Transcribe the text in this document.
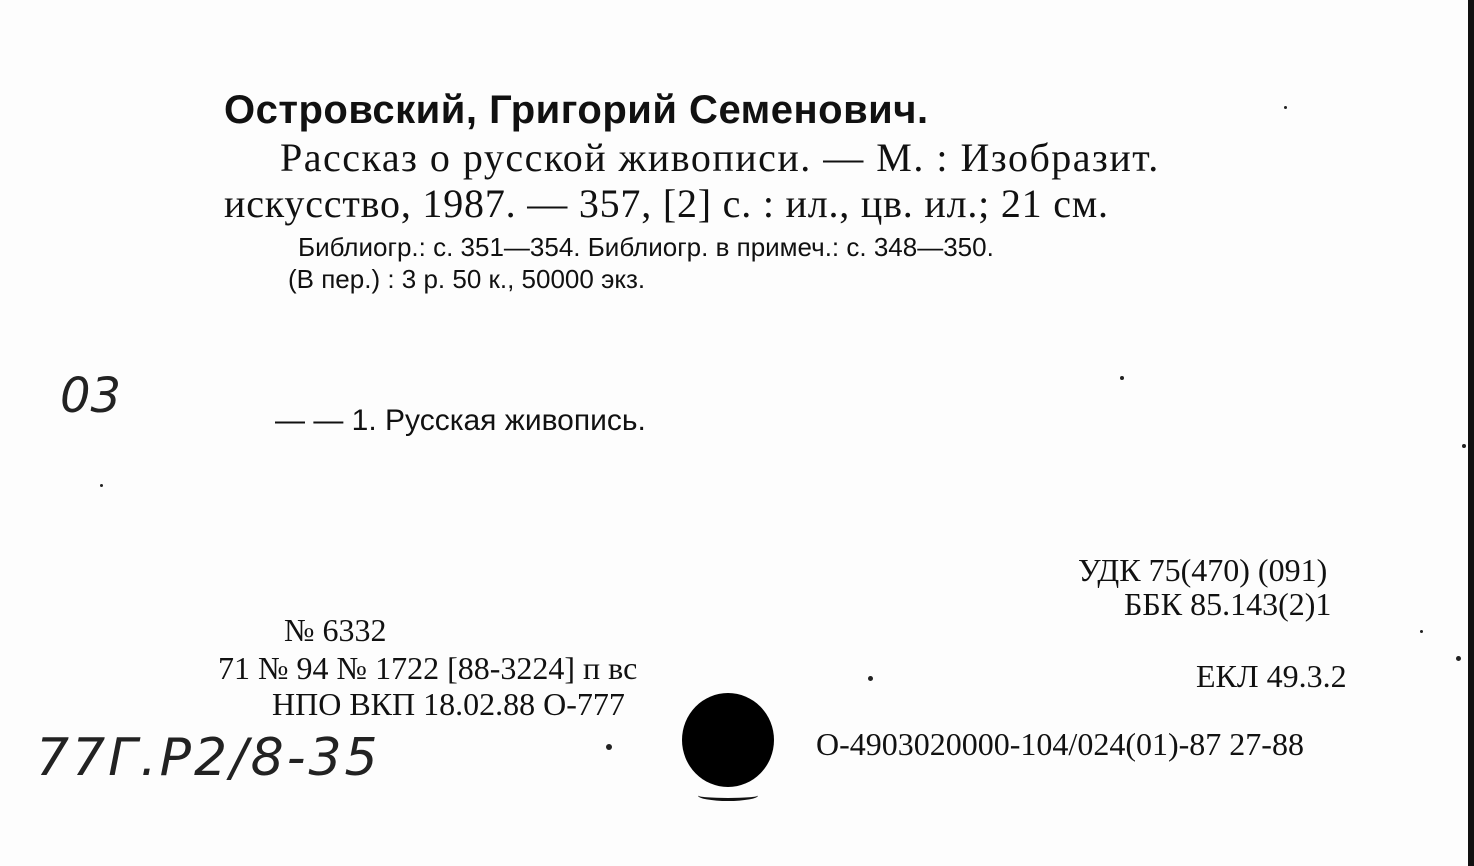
Островский, Григорий Семенович.
Рассказ о русской живописи. — М. : Изобразит.
искусство, 1987. — 357, [2] с. : ил., цв. ил.; 21 см.
Библиогр.: с. 351—354. Библиогр. в примеч.: с. 348—350.
(В пер.) : 3 р. 50 к., 50000 экз.
03	— — 1. Русская живопись.
УДК 75(470) (091)
ББК 85.143(2)1
№ 6332
71 № 94 № 1722 [88-3224] п вс	ЕКЛ 49.3.2
НПО ВКП 18.02.88 О-777
77Г.Р2/8-35	О-4903020000-104/024(01)-87 27-88
